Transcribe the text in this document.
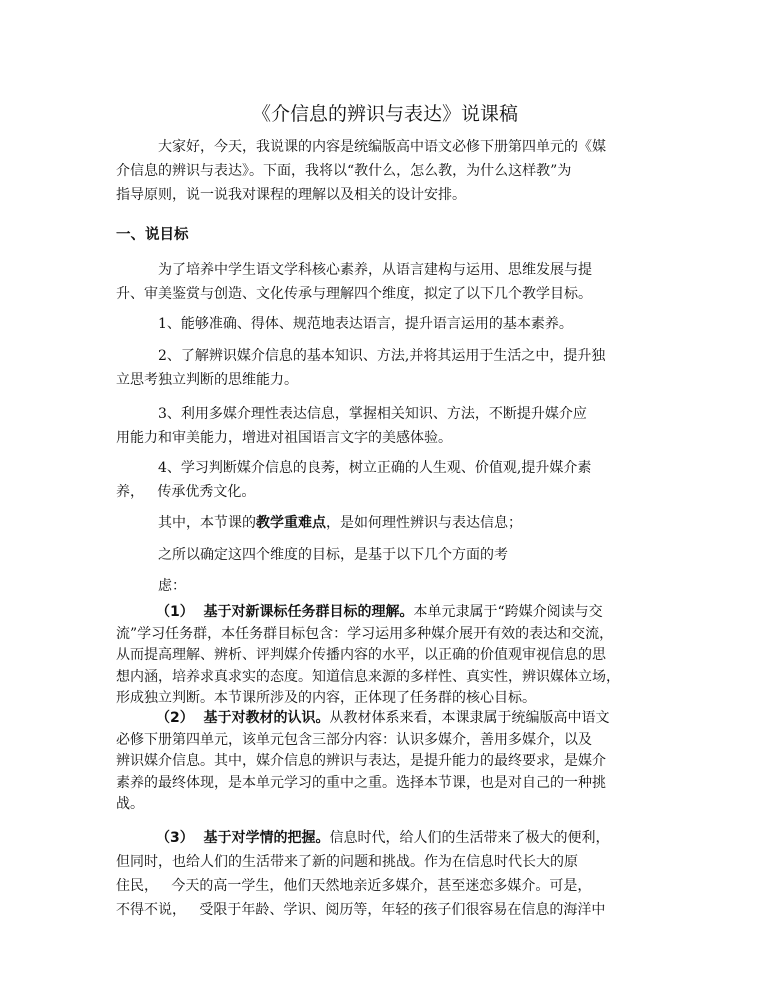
《介信息的辨识与表达》说课稿

大家好，今天，我说课的内容是统编版高中语文必修下册第四单元的《媒
介信息的辨识与表达》。下面，我将以“教什么，怎么教，为什么这样教”为
指导原则，说一说我对课程的理解以及相关的设计安排。

一、说目标

为了培养中学生语文学科核心素养，从语言建构与运用、思维发展与提
升、审美鉴赏与创造、文化传承与理解四个维度，拟定了以下几个教学目标。

1、能够准确、得体、规范地表达语言，提升语言运用的基本素养。

2、了解辨识媒介信息的基本知识、方法,并将其运用于生活之中，提升独
立思考独立判断的思维能力。

3、利用多媒介理性表达信息，掌握相关知识、方法，不断提升媒介应
用能力和审美能力，增进对祖国语言文字的美感体验。

4、学习判断媒介信息的良莠，树立正确的人生观、价值观,提升媒介素
养，   传承优秀文化。

其中，本节课的教学重难点，是如何理性辨识与表达信息；

之所以确定这四个维度的目标，是基于以下几个方面的考
虑：

（1）  基于对新课标任务群目标的理解。本单元隶属于“跨媒介阅读与交
流”学习任务群，本任务群目标包含：学习运用多种媒介展开有效的表达和交流，
从而提高理解、辨析、评判媒介传播内容的水平，以正确的价值观审视信息的思
想内涵，培养求真求实的态度。知道信息来源的多样性、真实性，辨识媒体立场，
形成独立判断。本节课所涉及的内容，正体现了任务群的核心目标。

（2）  基于对教材的认识。从教材体系来看，本课隶属于统编版高中语文
必修下册第四单元，该单元包含三部分内容：认识多媒介，善用多媒介，以及
辨识媒介信息。其中，媒介信息的辨识与表达，是提升能力的最终要求，是媒介
素养的最终体现，是本单元学习的重中之重。选择本节课，也是对自己的一种挑
战。

（3）  基于对学情的把握。信息时代，给人们的生活带来了极大的便利，
但同时，也给人们的生活带来了新的问题和挑战。作为在信息时代长大的原
住民，   今天的高一学生，他们天然地亲近多媒介，甚至迷恋多媒介。可是，
不得不说，   受限于年龄、学识、阅历等，年轻的孩子们很容易在信息的海洋中
